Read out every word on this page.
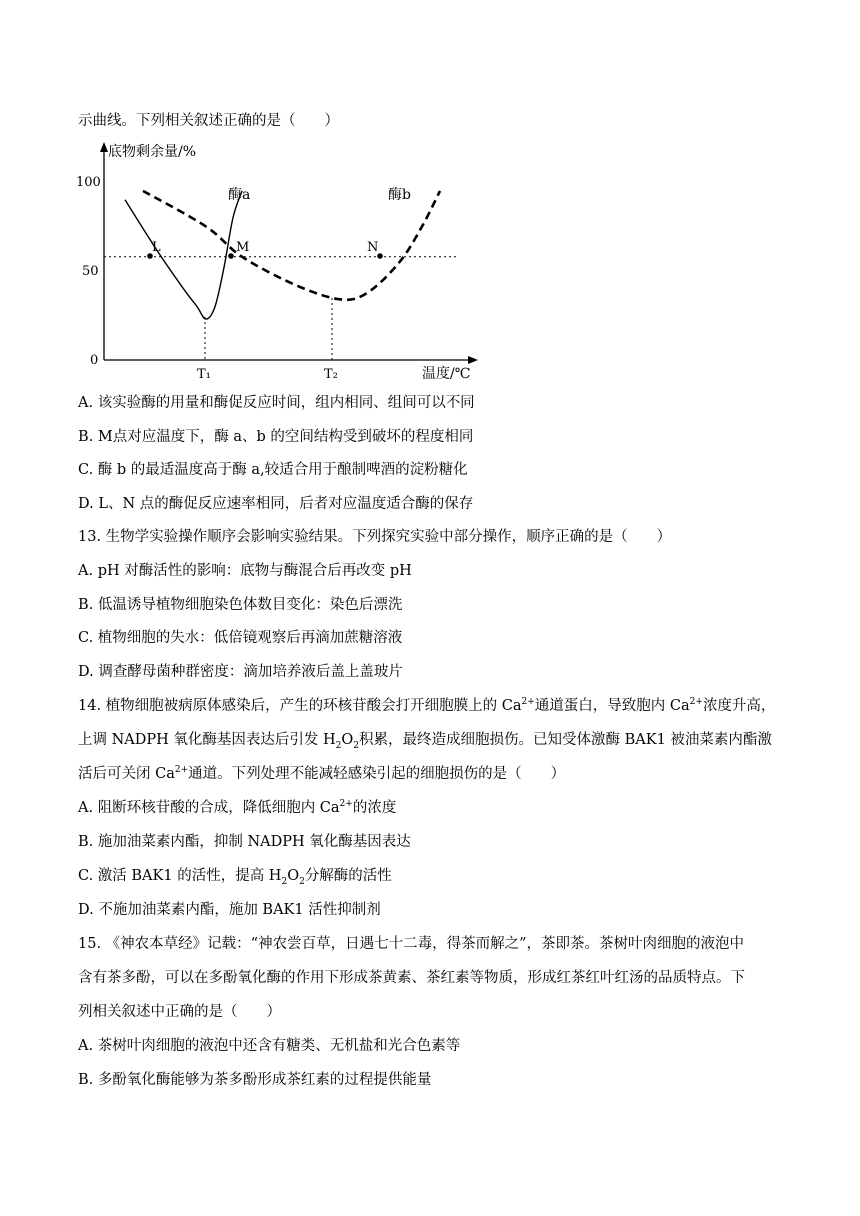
示曲线。下列相关叙述正确的是（　　）
底物剩余量/%
温度/℃
100
50
0
酶a	酶b
T₁	T₂
L	M	N
A. 该实验酶的用量和酶促反应时间，组内相同、组间可以不同
B. M点对应温度下，酶 a、b 的空间结构受到破坏的程度相同
C. 酶 b 的最适温度高于酶 a,较适合用于酿制啤酒的淀粉糖化
D. L、N 点的酶促反应速率相同，后者对应温度适合酶的保存
13. 生物学实验操作顺序会影响实验结果。下列探究实验中部分操作，顺序正确的是（　　）
A. pH 对酶活性的影响：底物与酶混合后再改变 pH
B. 低温诱导植物细胞染色体数目变化：染色后漂洗
C. 植物细胞的失水：低倍镜观察后再滴加蔗糖溶液
D. 调查酵母菌种群密度：滴加培养液后盖上盖玻片
14. 植物细胞被病原体感染后，产生的环核苷酸会打开细胞膜上的 $Ca^{2+}$通道蛋白，导致胞内 $Ca^{2+}$浓度升高，
上调 NADPH 氧化酶基因表达后引发 $H_2O_2$积累，最终造成细胞损伤。已知受体激酶 BAK1 被油菜素内酯激
活后可关闭 $Ca^{2+}$通道。下列处理不能减轻感染引起的细胞损伤的是（　　）
A. 阻断环核苷酸的合成，降低细胞内 $Ca^{2+}$的浓度
B. 施加油菜素内酯，抑制 NADPH 氧化酶基因表达
C. 激活 BAK1 的活性，提高 $H_2O_2$分解酶的活性
D. 不施加油菜素内酯，施加 BAK1 活性抑制剂
15. 《神农本草经》记载：“神农尝百草，日遇七十二毒，得茶而解之”，茶即茶。茶树叶肉细胞的液泡中
含有茶多酚，可以在多酚氧化酶的作用下形成茶黄素、茶红素等物质，形成红茶红叶红汤的品质特点。下
列相关叙述中正确的是（　　）
A. 茶树叶肉细胞的液泡中还含有糖类、无机盐和光合色素等
B. 多酚氧化酶能够为茶多酚形成茶红素的过程提供能量
